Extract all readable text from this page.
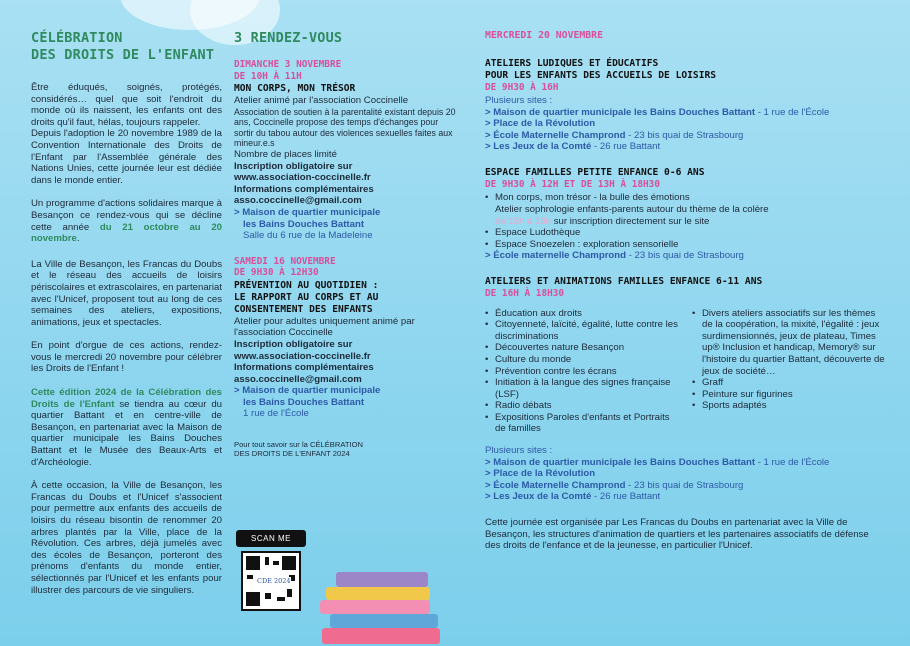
CÉLÉBRATION
DES DROITS DE L'ENFANT
Être éduqués, soignés, protégés, considérés… quel que soit l'endroit du monde où ils naissent, les enfants ont des droits qu'il faut, hélas, toujours rappeler.
Depuis l'adoption le 20 novembre 1989 de la Convention Internationale des Droits de l'Enfant par l'Assemblée générale des Nations Unies, cette journée leur est dédiée dans le monde entier.
Un programme d'actions solidaires marque à Besançon ce rendez-vous qui se décline cette année du 21 octobre au 20 novembre.
La Ville de Besançon, les Francas du Doubs et le réseau des accueils de loisirs périscolaires et extrascolaires, en partenariat avec l'Unicef, proposent tout au long de ces semaines des ateliers, expositions, animations, jeux et spectacles.
En point d'orgue de ces actions, rendez-vous le mercredi 20 novembre pour célébrer les Droits de l'Enfant !
Cette édition 2024 de la Célébration des Droits de l'Enfant se tiendra au cœur du quartier Battant et en centre-ville de Besançon, en partenariat avec la Maison de quartier municipale les Bains Douches Battant et le Musée des Beaux-Arts et d'Archéologie.
À cette occasion, la Ville de Besançon, les Francas du Doubs et l'Unicef s'associent pour permettre aux enfants des accueils de loisirs du réseau bisontin de renommer 20 arbres plantés par la Ville, place de la Révolution. Ces arbres, déjà jumelés avec des écoles de Besançon, porteront des prénoms d'enfants du monde entier, sélectionnés par l'Unicef et les enfants pour illustrer des parcours de vie singuliers.
3 RENDEZ-VOUS
DIMANCHE 3 NOVEMBRE
DE 10H À 11H
MON CORPS, MON TRÉSOR
Atelier animé par l'association Coccinelle
Association de soutien à la parentalité existant depuis 20 ans, Coccinelle propose des temps d'échanges pour sortir du tabou autour des violences sexuelles faites aux mineur.e.s
Nombre de places limité
Inscription obligatoire sur
www.association-coccinelle.fr
Informations complémentaires
asso.coccinelle@gmail.com
> Maison de quartier municipale
les Bains Douches Battant
Salle du 6 rue de la Madeleine
SAMEDI 16 NOVEMBRE
DE 9H30 À 12H30
PRÉVENTION AU QUOTIDIEN :
LE RAPPORT AU CORPS ET AU
CONSENTEMENT DES ENFANTS
Atelier pour adultes uniquement animé par l'association Coccinelle
Inscription obligatoire sur
www.association-coccinelle.fr
Informations complémentaires
asso.coccinelle@gmail.com
> Maison de quartier municipale
les Bains Douches Battant
1 rue de l'École
Pour tout savoir sur la CÉLÉBRATION
DES DROITS DE L'ENFANT 2024
SCAN ME
CDE 2024
MERCREDI 20 NOVEMBRE
ATELIERS LUDIQUES ET ÉDUCATIFS
POUR LES ENFANTS DES ACCUEILS DE LOISIRS
DE 9H30 À 16H
Plusieurs sites :
> Maison de quartier municipale les Bains Douches Battant - 1 rue de l'École
> Place de la Révolution
> École Maternelle Champrond - 23 bis quai de Strasbourg
> Les Jeux de la Comté - 26 rue Battant
ESPACE FAMILLES PETITE ENFANCE 0-6 ANS
DE 9H30 À 12H ET DE 13H À 18H30
• Mon corps, mon trésor - la bulle des émotions
Atelier sophrologie enfants-parents autour du thème de la colère
de 15h à 16h sur inscription directement sur le site
• Espace Ludothèque
• Espace Snoezelen : exploration sensorielle
> École maternelle Champrond - 23 bis quai de Strasbourg
ATELIERS ET ANIMATIONS FAMILLES ENFANCE 6-11 ANS
DE 16H À 18H30
• Éducation aux droits
• Citoyenneté, laïcité, égalité, lutte contre les discriminations
• Découvertes nature Besançon
• Culture du monde
• Prévention contre les écrans
• Initiation à la langue des signes française (LSF)
• Radio débats
• Expositions Paroles d'enfants et Portraits de familles
• Divers ateliers associatifs sur les thèmes de la coopération, la mixité, l'égalité : jeux surdimensionnés, jeux de plateau, Times up® Inclusion et handicap, Memory® sur l'histoire du quartier Battant, découverte de jeux de société…
• Graff
• Peinture sur figurines
• Sports adaptés
Plusieurs sites :
> Maison de quartier municipale les Bains Douches Battant - 1 rue de l'École
> Place de la Révolution
> École Maternelle Champrond - 23 bis quai de Strasbourg
> Les Jeux de la Comté - 26 rue Battant
Cette journée est organisée par Les Francas du Doubs en partenariat avec la Ville de Besançon, les structures d'animation de quartiers et les partenaires associatifs de défense des droits de l'enfance et de la jeunesse, en particulier l'Unicef.
